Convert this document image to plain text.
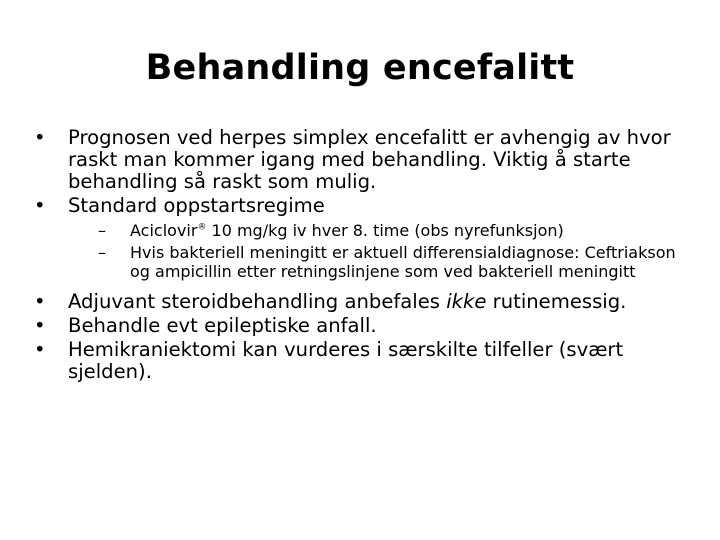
Behandling encefalitt
•	Prognosen ved herpes simplex encefalitt er avhengig av hvor raskt man kommer igang med behandling. Viktig å starte behandling så raskt som mulig.
•	Standard oppstartsregime
–	Aciclovir® 10 mg/kg iv hver 8. time (obs nyrefunksjon)
–	Hvis bakteriell meningitt er aktuell differensialdiagnose: Ceftriakson og ampicillin etter retningslinjene som ved bakteriell meningitt
•	Adjuvant steroidbehandling anbefales ikke rutinemessig.
•	Behandle evt epileptiske anfall.
•	Hemikraniektomi kan vurderes i særskilte tilfeller (svært sjelden).
